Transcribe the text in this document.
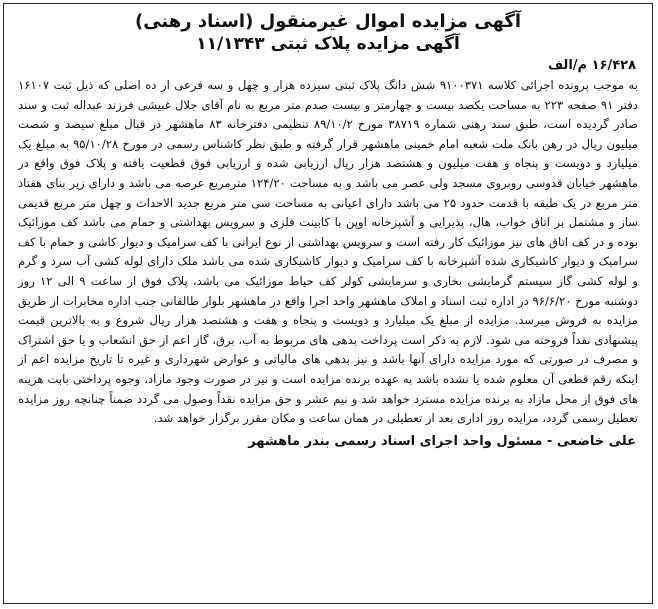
آگهی مزایده اموال غیرمنقول (اسناد رهنی)
آگهی مزایده پلاک ثبتی ۱۱/۱۳۴۳
۱۶/۴۲۸ م/الف

به موجب پرونده اجرائی کلاسه ۹۱۰۰۳۷۱ شش دانگ پلاک ثبتی سیزده هزار و چهل و سه فرعی از ده اصلی که ذیل ثبت ۱۶۱۰۷ دفتر ۹۱ صفحه ۲۲۳ به مساحت یکصد بیست و چهارمتر و بیست صدم متر مربع به نام آقای جلال غبیشی فرزند عبداله ثبت و سند صادر گردیده است، طبق سند رهنی شماره ۳۸۷۱۹ مورخ ۸۹/۱۰/۲ تنظیمی دفترخانه ۸۳ ماهشهر در قبال مبلغ سیصد و شصت میلیون ریال در رهن بانک ملت شعبه امام خمینی ماهشهر قرار گرفته و طبق نظر کاشناس رسمی در مورخ ۹۵/۱۰/۲۸ به مبلغ یک میلیارد و دویست و پنجاه و هفت میلیون و هشتصد هزار ریال ارزیابی شده و ارزیابی فوق قطعیت یافته و پلاک فوق واقع در ماهشهر خیابان قدوسی روبروی مسجد ولی عصر می باشد و به مساحت ۱۲۴/۲۰ مترمربع عرصه می باشد و دارای زیر بنای هفتاد متر مربع در یک طبقه با قدمت حدود ۲۵ می باشد دارای اعیانی به مساحت سی متر مربع جدید الاحداث و چهل متر مربع قدیمی ساز و مشتمل بر اتاق خواب، هال، پذیرایی و آشپزخانه اوپن با کابینت فلزی و سرویس بهداشتی و حمام می باشد کف موزائیک بوده و در کف اتاق های نیز موزائیک کار رفته است و سرویس بهداشتی از نوع ایرانی با کف سرامیک و دیوار کاشی و حمام با کف سرامیک و دیوار کاشیکاری شده آشپزخانه با کف سرامیک و دیوار کاشیکاری شده می باشد ملک دارای لوله کشی آب سرد و گرم و لوله کشی گاز سیستم گرمایشی بخاری و سرمایشی کولر کف حیاط موزائیک می باشد، پلاک فوق از ساعت ۹ الی ۱۲ روز دوشنبه مورخ ۹۶/۶/۲۰ در اداره ثبت اسناد و املاک ماهشهر واحد اجرا واقع در ماهشهر بلوار طالقانی جنب اداره مخابرات از طریق مزایده به فروش میرسد. مزایده از مبلغ یک میلیارد و دویست و پنجاه و هفت و هشتصد هزار ریال شروع و به بالاترین قیمت پیشنهادی نقداً فروخته می شود. لازم به ذکر است پرداخت بدهی های مربوط به آب، برق، گاز اعم از حق انشعاب و یا حق اشتراک و مصرف در صورتی که مورد مزایده دارای آنها باشد و نیز بدهی های مالیاتی و عوارض شهرداری و غیره تا تاریخ مزایده اعم از اینکه رقم قطعی آن معلوم شده یا نشده باشد به عهده برنده مزایده است و نیز در صورت وجود مازاد، وجوه پرداختی بابت هزینه های فوق از محل مازاد به برنده مزایده مسترد خواهد شد و نیم عشر و حق مزایده نقداً وصول می گردد ضمناً چنانچه روز مزایده تعطیل رسمی گردد، مزایده روز اداری بعد از تعطیلی در همان ساعت و مکان مقرر برگزار خواهد شد.

علی خاضعی - مسئول واحد اجرای اسناد رسمی بندر ماهشهر
